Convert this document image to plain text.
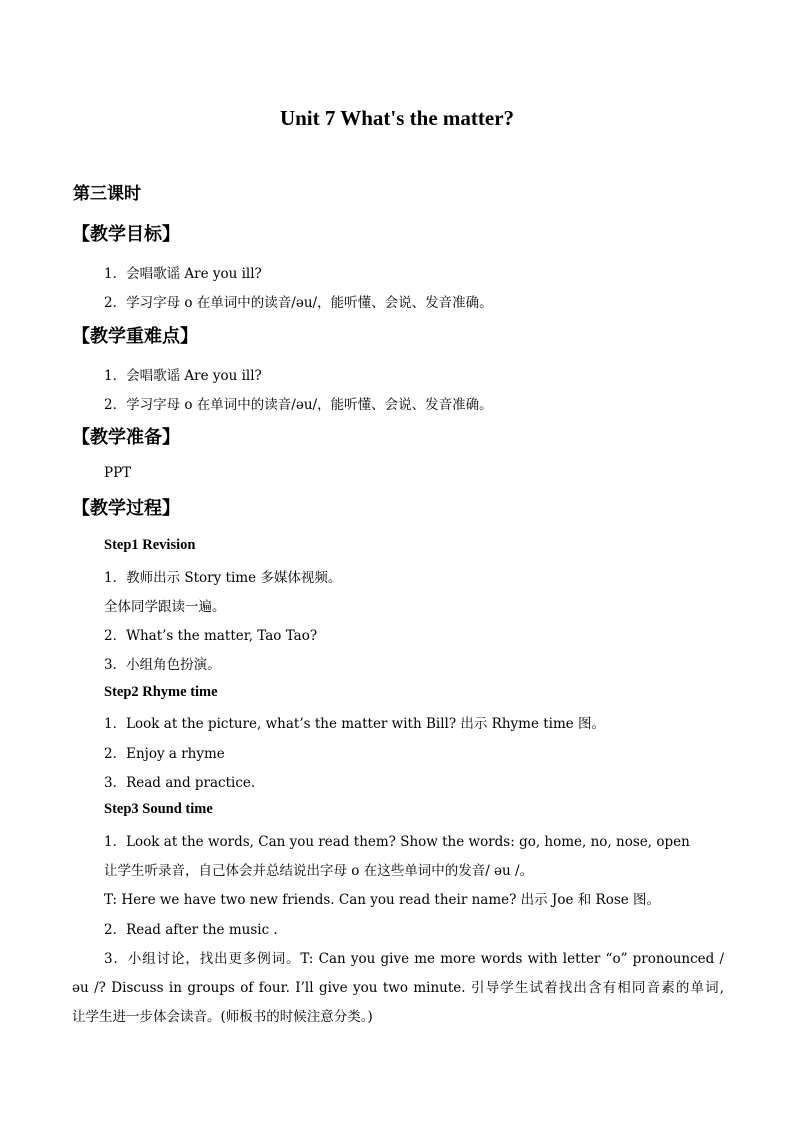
Unit 7 What's the matter?
第三课时
【教学目标】
1．会唱歌谣 Are you ill?
2．学习字母 o 在单词中的读音/əu/，能听懂、会说、发音准确。
【教学重难点】
1．会唱歌谣 Are you ill?
2．学习字母 o 在单词中的读音/əu/，能听懂、会说、发音准确。
【教学准备】
PPT
【教学过程】
Step1 Revision
1．教师出示 Story time 多媒体视频。
全体同学跟读一遍。
2．What’s the matter, Tao Tao?
3．小组角色扮演。
Step2 Rhyme time
1．Look at the picture, what’s the matter with Bill? 出示 Rhyme time 图。
2．Enjoy a rhyme
3．Read and practice.
Step3 Sound time
1．Look at the words, Can you read them? Show the words: go, home, no, nose, open
让学生听录音，自己体会并总结说出字母 o 在这些单词中的发音/ əu /。
T: Here we have two new friends. Can you read their name? 出示 Joe 和 Rose 图。
2．Read after the music .
3．小组讨论，找出更多例词。T: Can you give me more words with letter “o” pronounced /
əu /? Discuss in groups of four. I’ll give you two minute. 引导学生试着找出含有相同音素的单词,
让学生进一步体会读音。(师板书的时候注意分类。)
